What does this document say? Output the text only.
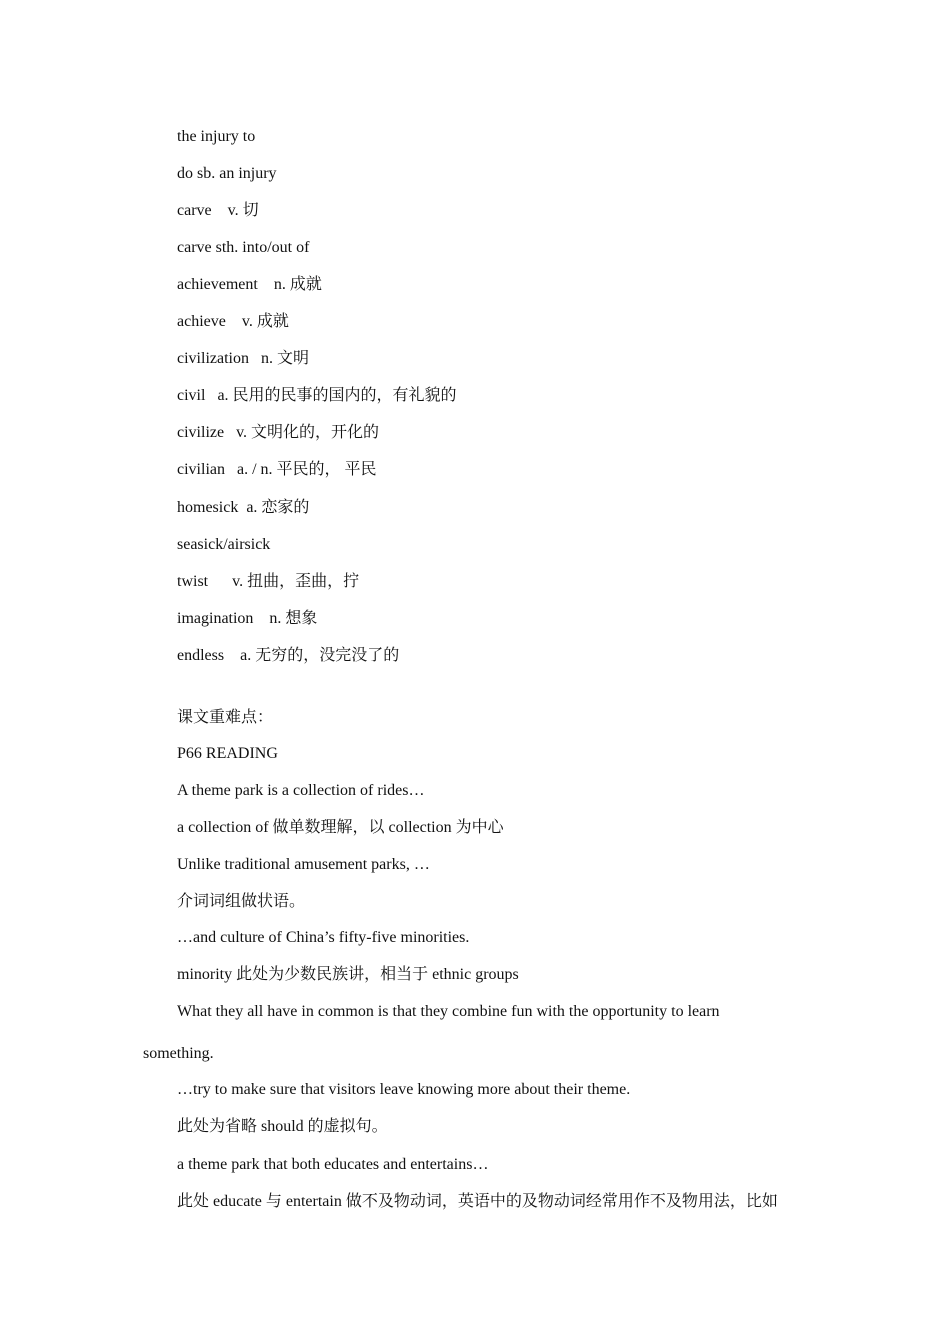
the injury to
do sb. an injury
carve    v. 切
carve sth. into/out of
achievement    n. 成就
achieve    v. 成就
civilization   n. 文明
civil   a. 民用的民事的国内的，有礼貌的
civilize   v. 文明化的，开化的
civilian   a. / n. 平民的， 平民
homesick  a. 恋家的
seasick/airsick
twist      v. 扭曲，歪曲，拧
imagination    n. 想象
endless    a. 无穷的，没完没了的
课文重难点：
P66 READING
A theme park is a collection of rides…
a collection of 做单数理解，以 collection 为中心
Unlike traditional amusement parks, …
介词词组做状语。
…and culture of China’s fifty-five minorities.
minority 此处为少数民族讲，相当于 ethnic groups
What they all have in common is that they combine fun with the opportunity to learn
something.
…try to make sure that visitors leave knowing more about their theme.
此处为省略 should 的虚拟句。
a theme park that both educates and entertains…
此处 educate 与 entertain 做不及物动词，英语中的及物动词经常用作不及物用法，比如
